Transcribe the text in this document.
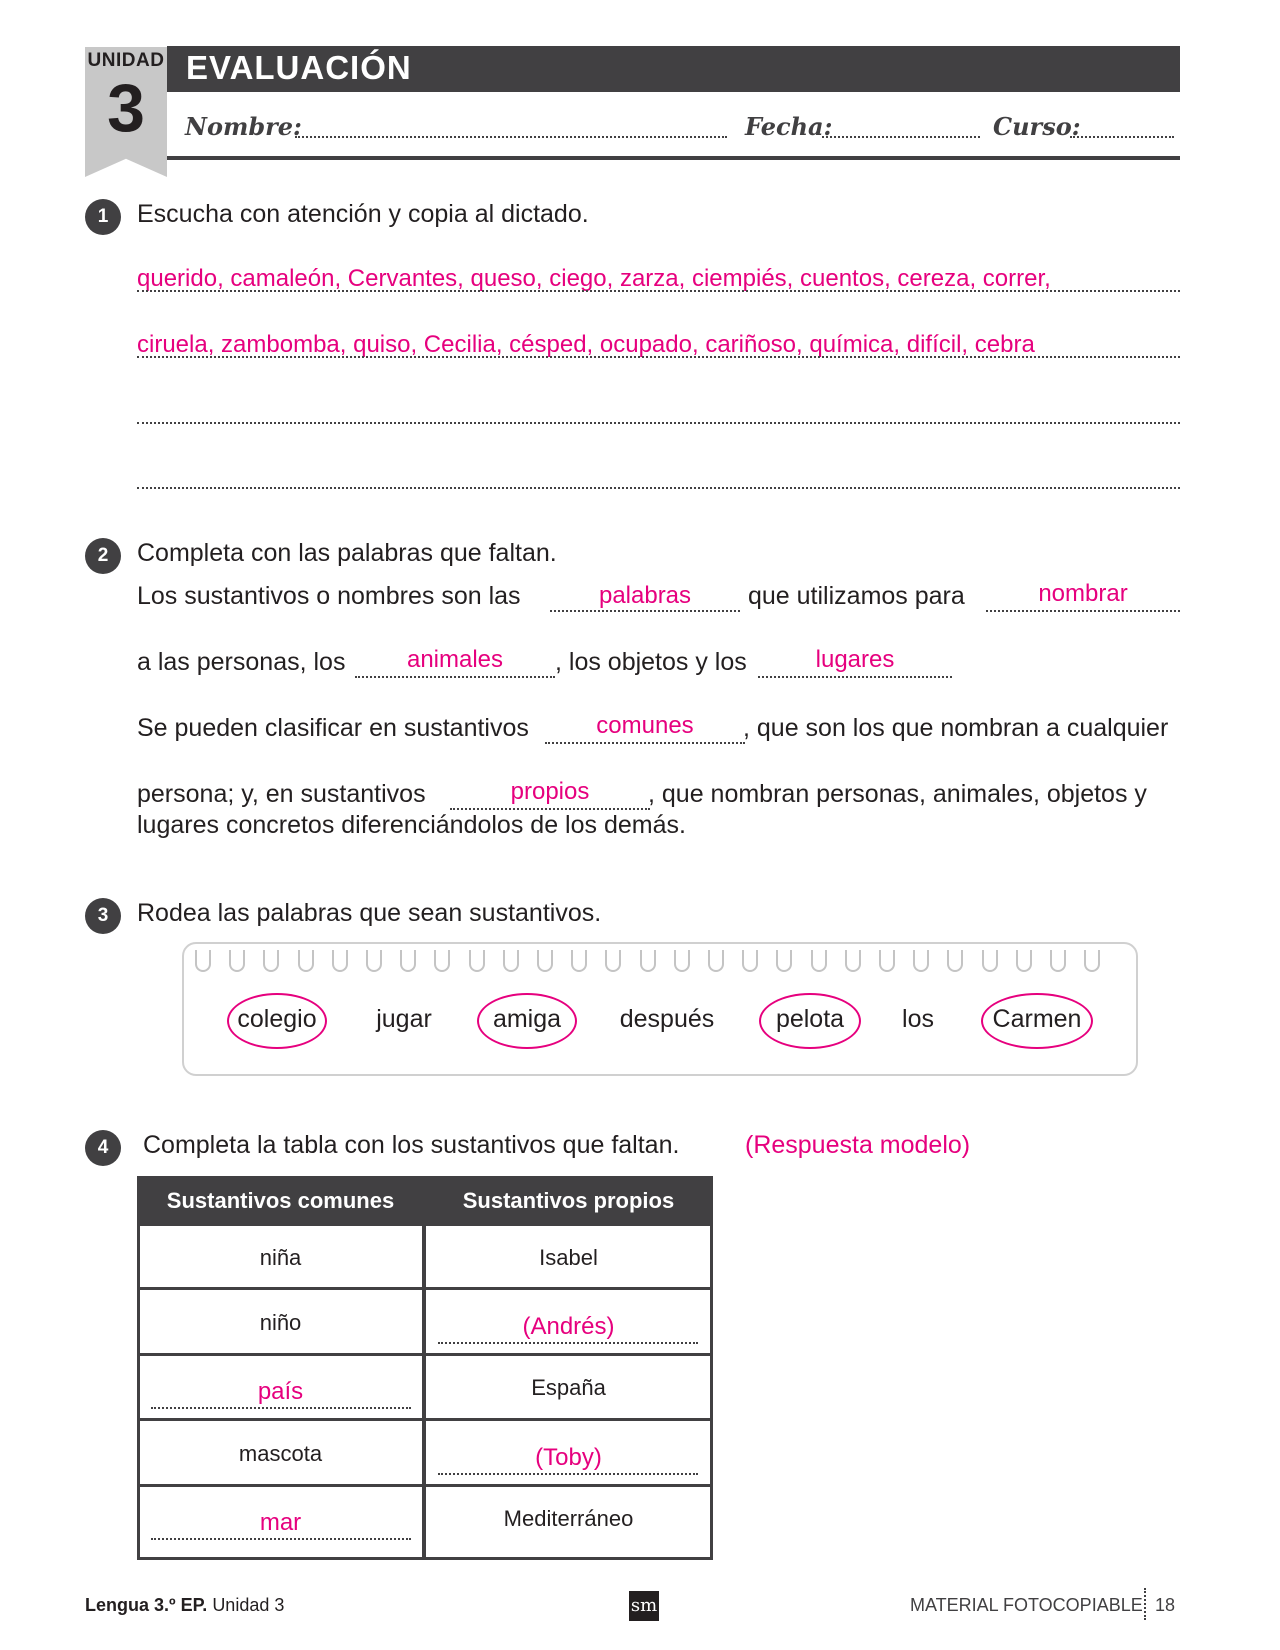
UNIDAD
3
EVALUACIÓN
Nombre:	Fecha:	Curso:
1	Escucha con atención y copia al dictado.
querido, camaleón, Cervantes, queso, ciego, zarza, ciempiés, cuentos, cereza, correr,
ciruela, zambomba, quiso, Cecilia, césped, ocupado, cariñoso, química, difícil, cebra
2	Completa con las palabras que faltan.
Los sustantivos o nombres son las	palabras	que utilizamos para	nombrar
a las personas, los	animales	, los objetos y los	lugares
Se pueden clasificar en sustantivos	comunes	, que son los que nombran a cualquier
persona; y, en sustantivos	propios	, que nombran personas, animales, objetos y
lugares concretos diferenciándolos de los demás.
3	Rodea las palabras que sean sustantivos.
colegio	jugar	amiga	después	pelota	los	Carmen
4	Completa la tabla con los sustantivos que faltan.	(Respuesta modelo)
Sustantivos comunes	Sustantivos propios
niña	Isabel
niño	(Andrés)
país	España
mascota	(Toby)
mar	Mediterráneo
Lengua 3.º EP. Unidad 3	sm	MATERIAL FOTOCOPIABLE 18
